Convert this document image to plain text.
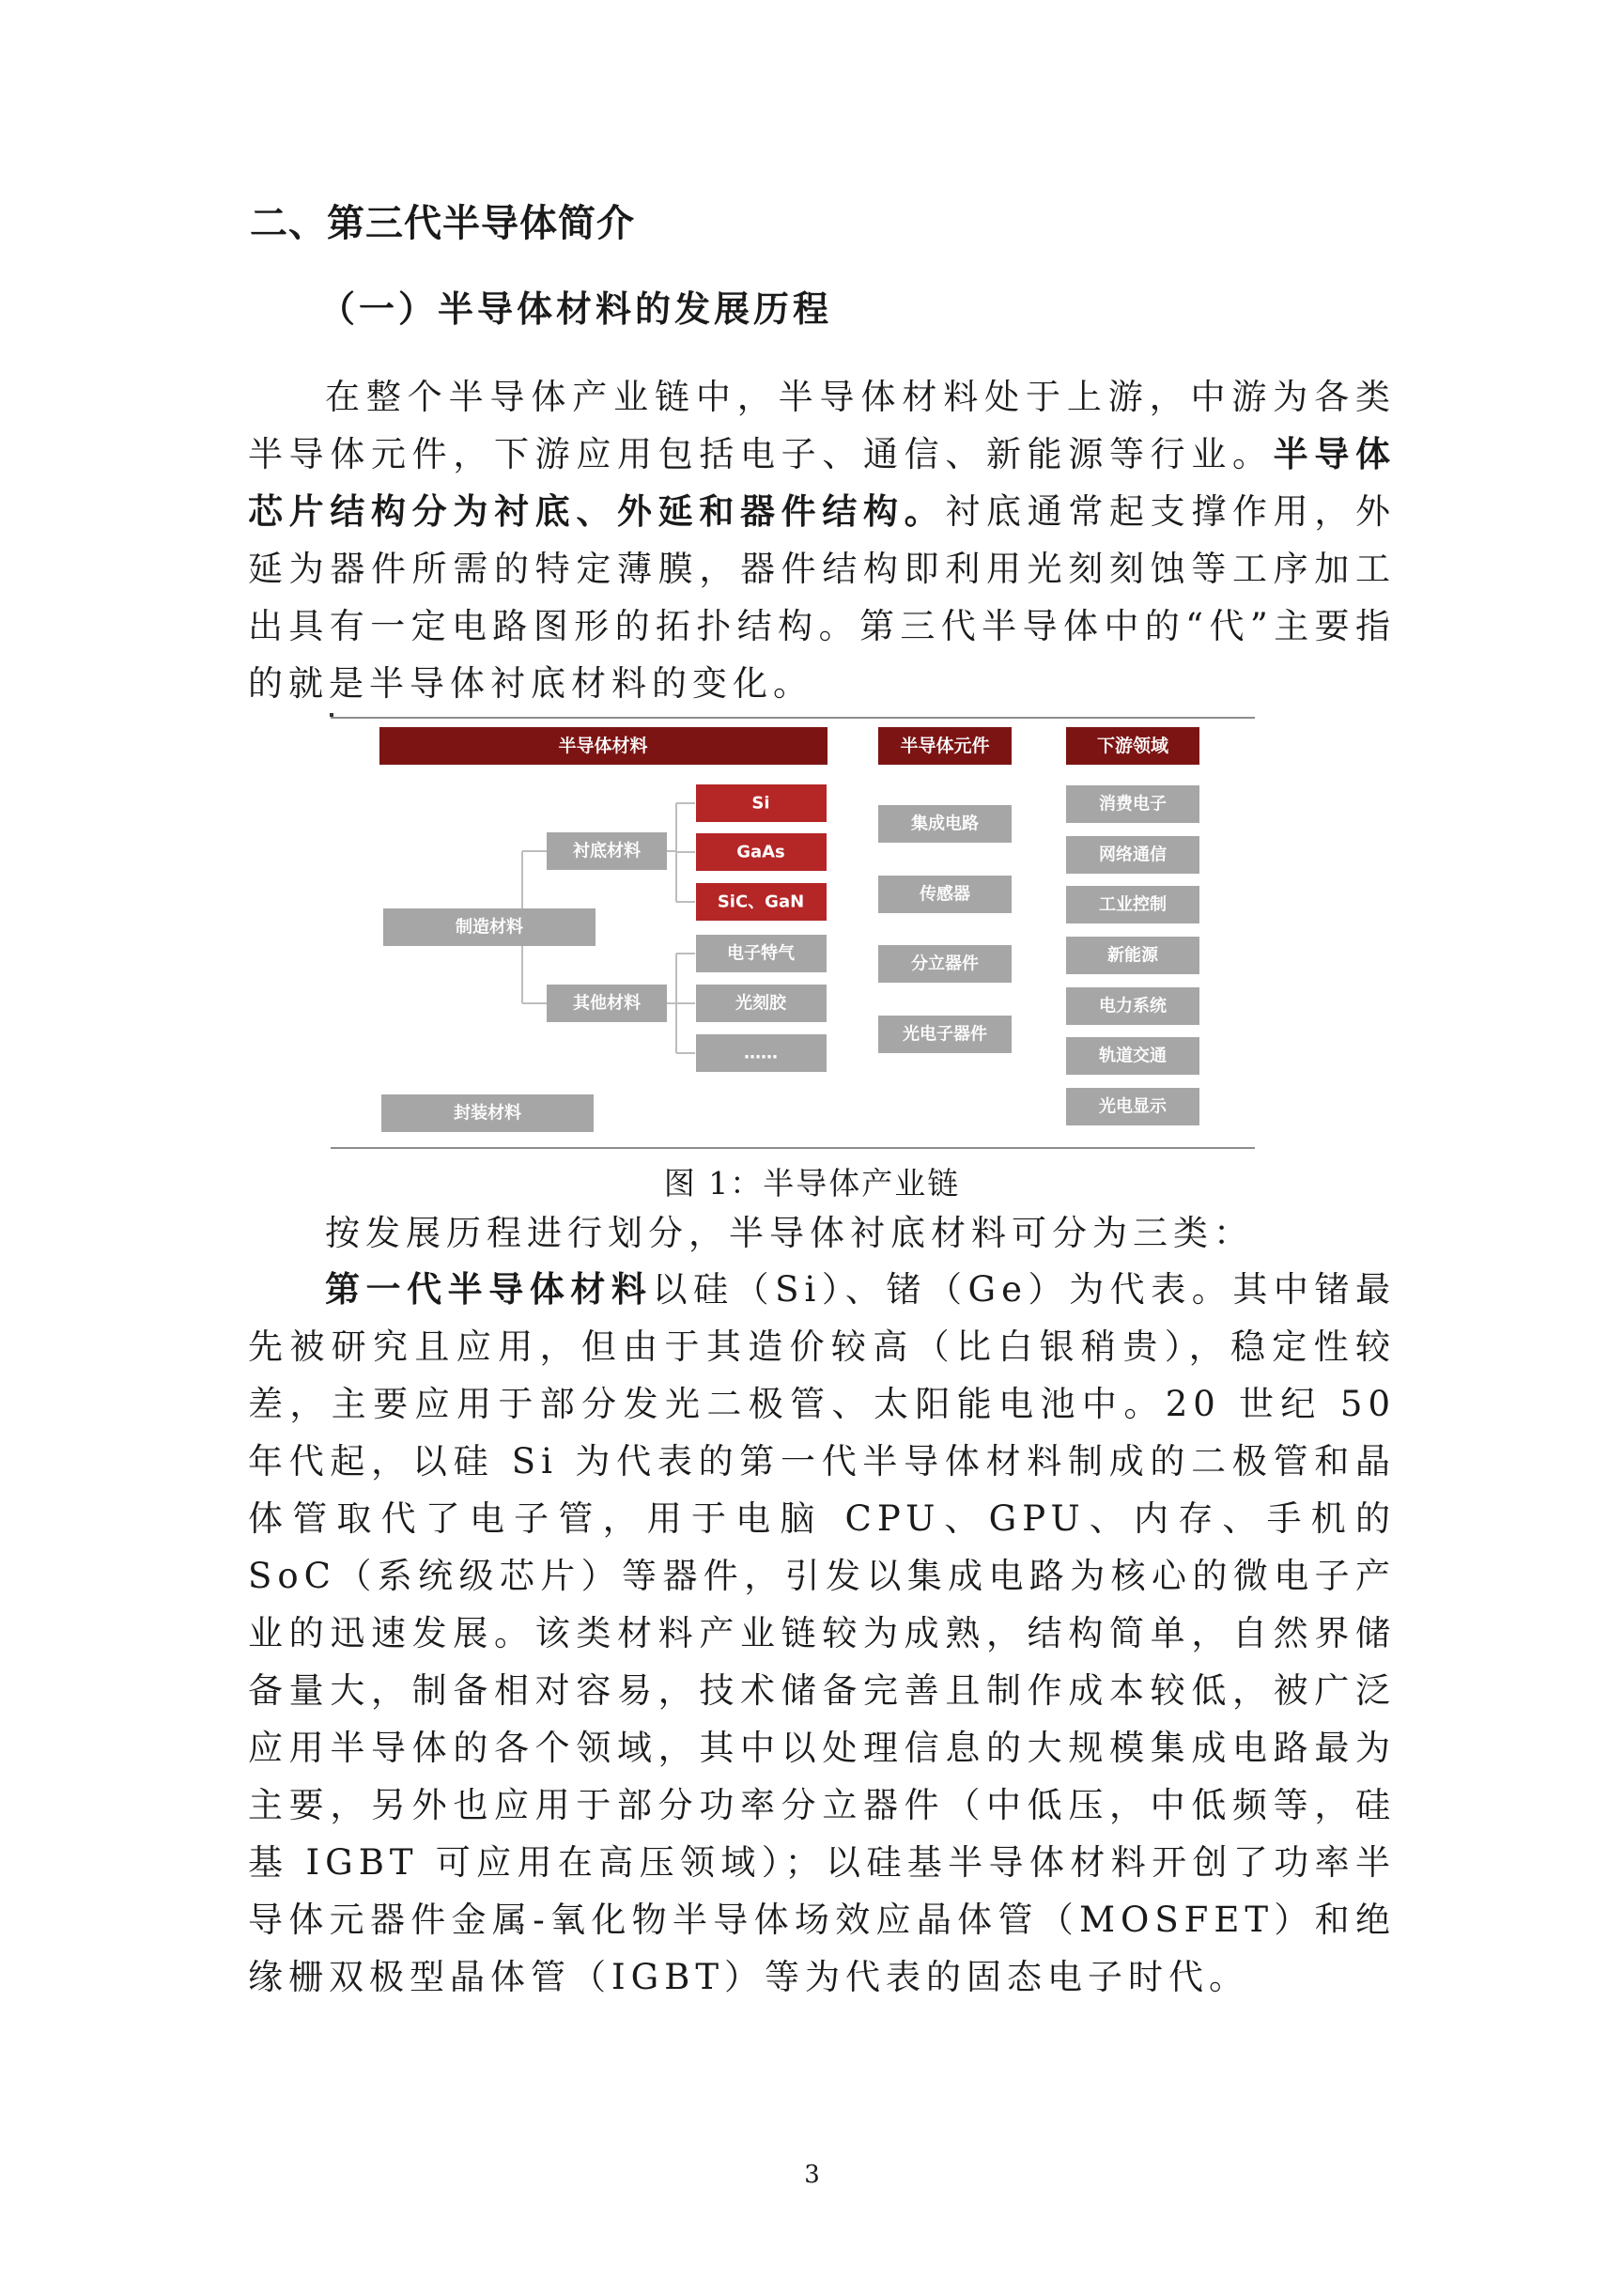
二、第三代半导体简介
（一）半导体材料的发展历程

在整个半导体产业链中，半导体材料处于上游，中游为各类半导体元件，下游应用包括电子、通信、新能源等行业。半导体芯片结构分为衬底、外延和器件结构。衬底通常起支撑作用，外延为器件所需的特定薄膜，器件结构即利用光刻刻蚀等工序加工出具有一定电路图形的拓扑结构。第三代半导体中的“代”主要指的就是半导体衬底材料的变化。

半导体材料	半导体元件	下游领域
制造材料
封装材料
衬底材料
其他材料
Si
GaAs
SiC、GaN
电子特气
光刻胶
……
集成电路
传感器
分立器件
光电子器件
消费电子
网络通信
工业控制
新能源
电力系统
轨道交通
光电显示

图 1：半导体产业链

按发展历程进行划分，半导体衬底材料可分为三类：

第一代半导体材料以硅（Si）、锗（Ge）为代表。其中锗最先被研究且应用，但由于其造价较高（比白银稍贵），稳定性较差，主要应用于部分发光二极管、太阳能电池中。20 世纪 50 年代起，以硅 Si 为代表的第一代半导体材料制成的二极管和晶体管取代了电子管，用于电脑 CPU、GPU、内存、手机的 SoC（系统级芯片）等器件，引发以集成电路为核心的微电子产业的迅速发展。该类材料产业链较为成熟，结构简单，自然界储备量大，制备相对容易，技术储备完善且制作成本较低，被广泛应用半导体的各个领域，其中以处理信息的大规模集成电路最为主要，另外也应用于部分功率分立器件（中低压，中低频等，硅基 IGBT 可应用在高压领域）；以硅基半导体材料开创了功率半导体元器件金属-氧化物半导体场效应晶体管（MOSFET）和绝缘栅双极型晶体管（IGBT）等为代表的固态电子时代。

3
